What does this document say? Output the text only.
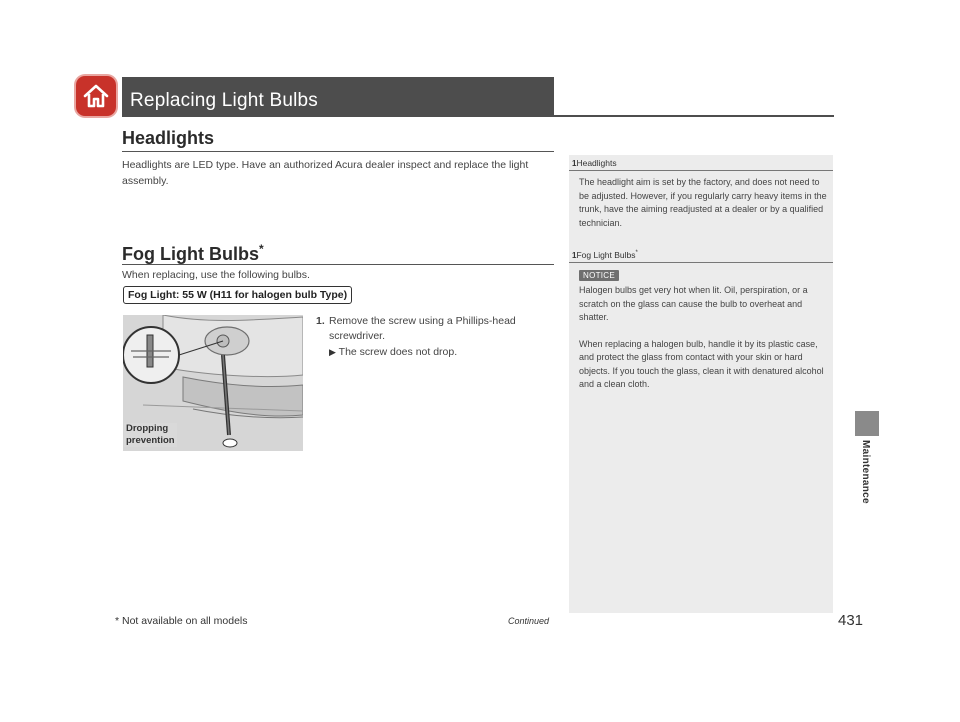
Replacing Light Bulbs
Headlights
Headlights are LED type. Have an authorized Acura dealer inspect and replace the light assembly.
Fog Light Bulbs*
When replacing, use the following bulbs.
Fog Light: 55 W (H11 for halogen bulb Type)
Dropping
prevention
1. Remove the screw using a Phillips-head screwdriver.
▶ The screw does not drop.
1Headlights
The headlight aim is set by the factory, and does not need to be adjusted. However, if you regularly carry heavy items in the trunk, have the aiming readjusted at a dealer or by a qualified technician.
1Fog Light Bulbs*
NOTICE

Halogen bulbs get very hot when lit. Oil, perspiration, or a scratch on the glass can cause the bulb to overheat and shatter.

When replacing a halogen bulb, handle it by its plastic case, and protect the glass from contact with your skin or hard objects. If you touch the glass, clean it with denatured alcohol and a clean cloth.

Maintenance
* Not available on all models	Continued	431
